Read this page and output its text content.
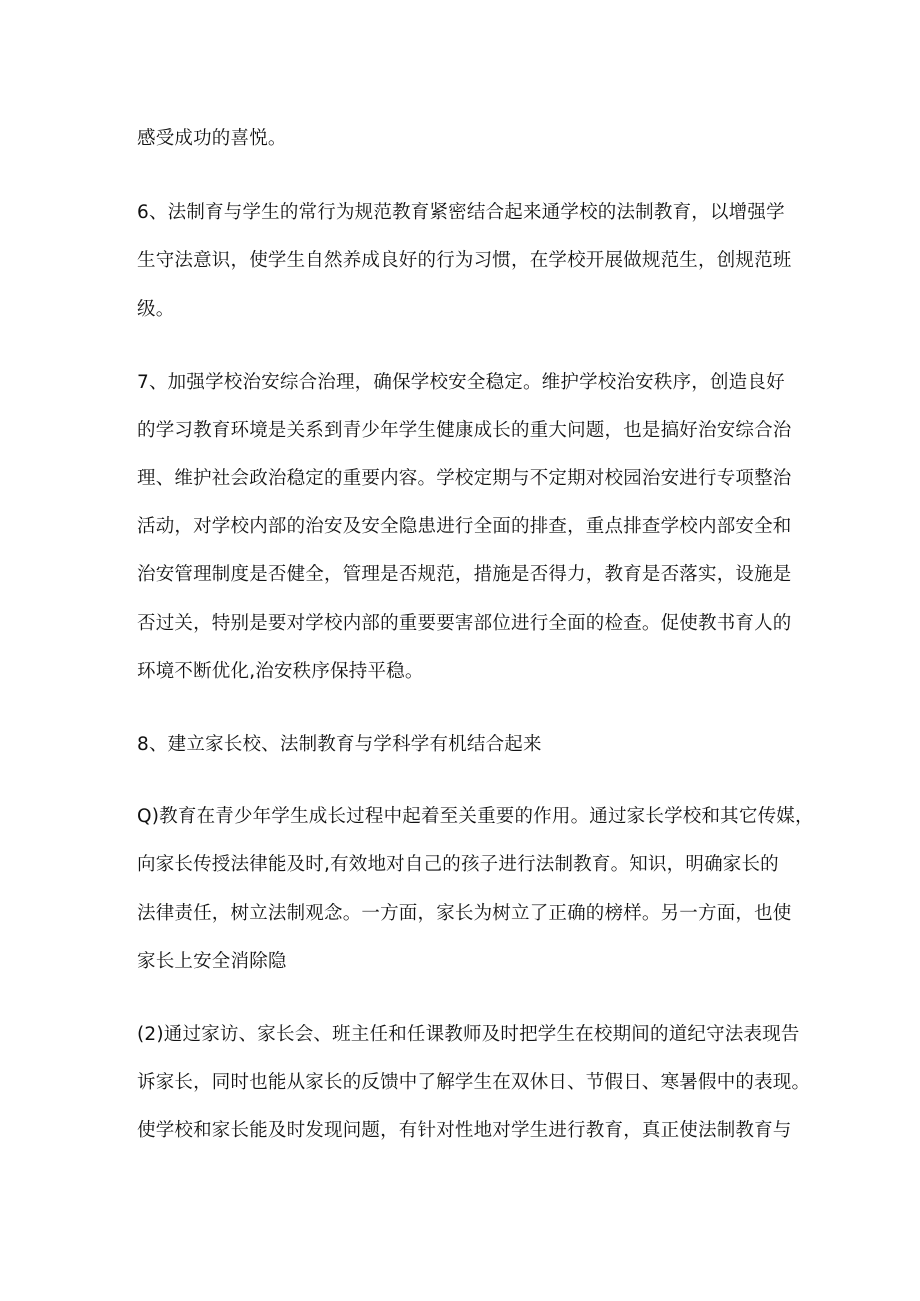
感受成功的喜悦。
6、法制育与学生的常行为规范教育紧密结合起来通学校的法制教育，以增强学
生守法意识，使学生自然养成良好的行为习惯，在学校开展做规范生，创规范班
级。
7、加强学校治安综合治理，确保学校安全稳定。维护学校治安秩序，创造良好
的学习教育环境是关系到青少年学生健康成长的重大问题，也是搞好治安综合治
理、维护社会政治稳定的重要内容。学校定期与不定期对校园治安进行专项整治
活动，对学校内部的治安及安全隐患进行全面的排查，重点排查学校内部安全和
治安管理制度是否健全，管理是否规范，措施是否得力，教育是否落实，设施是
否过关，特别是要对学校内部的重要要害部位进行全面的检查。促使教书育人的
环境不断优化,治安秩序保持平稳。
8、建立家长校、法制教育与学科学有机结合起来
Q)教育在青少年学生成长过程中起着至关重要的作用。通过家长学校和其它传媒，
向家长传授法律能及时,有效地对自己的孩子进行法制教育。知识，明确家长的
法律责任，树立法制观念。一方面，家长为树立了正确的榜样。另一方面，也使
家长上安全消除隐
(2)通过家访、家长会、班主任和任课教师及时把学生在校期间的道纪守法表现告
诉家长，同时也能从家长的反馈中了解学生在双休日、节假日、寒暑假中的表现。
使学校和家长能及时发现问题，有针对性地对学生进行教育，真正使法制教育与
